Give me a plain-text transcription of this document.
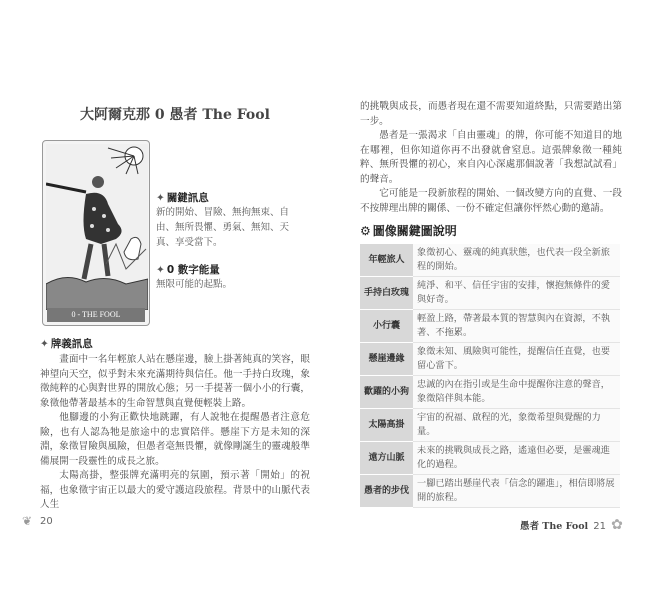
大阿爾克那 0 愚者 The Fool
0 - THE FOOL
✦ 關鍵訊息
新的開始、冒險、無拘無束、自由、無所畏懼、勇氣、無知、天真、享受當下。
✦ 0 數字能量
無限可能的起點。
✦ 牌義訊息

畫面中一名年輕旅人站在懸崖邊，臉上掛著純真的笑容，眼神望向天空，似乎對未來充滿期待與信任。他一手持白玫瑰，象徵純粹的心與對世界的開放心態；另一手提著一個小小的行囊，象徵他帶著最基本的生命智慧與直覺便輕裝上路。

他腳邊的小狗正歡快地跳躍，有人說牠在提醒愚者注意危險，也有人認為牠是旅途中的忠實陪伴。懸崖下方是未知的深淵，象徵冒險與風險，但愚者毫無畏懼，就像剛誕生的靈魂般準備展開一段靈性的成長之旅。

太陽高掛，整張牌充滿明亮的氛圍，預示著「開始」的祝福，也象徵宇宙正以最大的愛守護這段旅程。背景中的山脈代表人生

❦ 20

的挑戰與成長，而愚者現在還不需要知道終點，只需要踏出第一步。

愚者是一張渴求「自由靈魂」的牌，你可能不知道目的地在哪裡，但你知道你再不出發就會窒息。這張牌象徵一種純粹、無所畏懼的初心，來自內心深處那個說著「我想試試看」的聲音。

它可能是一段新旅程的開始、一個改變方向的直覺、一段不按牌理出牌的關係、一份不確定但讓你怦然心動的邀請。

⚙ 圖像關鍵圖說明
年輕旅人	象徵初心、靈魂的純真狀態，也代表一段全新旅程的開始。
手持白玫瑰	純淨、和平、信任宇宙的安排，懷抱無條件的愛與好奇。
小行囊	輕盈上路，帶著最本質的智慧與內在資源，不執著、不拖累。
懸崖邊緣	象徵未知、風險與可能性，提醒信任直覺，也要留心當下。
歡躍的小狗	忠誠的內在指引或是生命中提醒你注意的聲音，象徵陪伴與本能。
太陽高掛	宇宙的祝福、啟程的光，象徵希望與覺醒的力量。
遠方山脈	未來的挑戰與成長之路，遙遠但必要，是靈魂進化的過程。
愚者的步伐	一腳已踏出懸崖代表「信念的躍進」，相信即將展開的旅程。
愚者 The Fool 21 ✿
